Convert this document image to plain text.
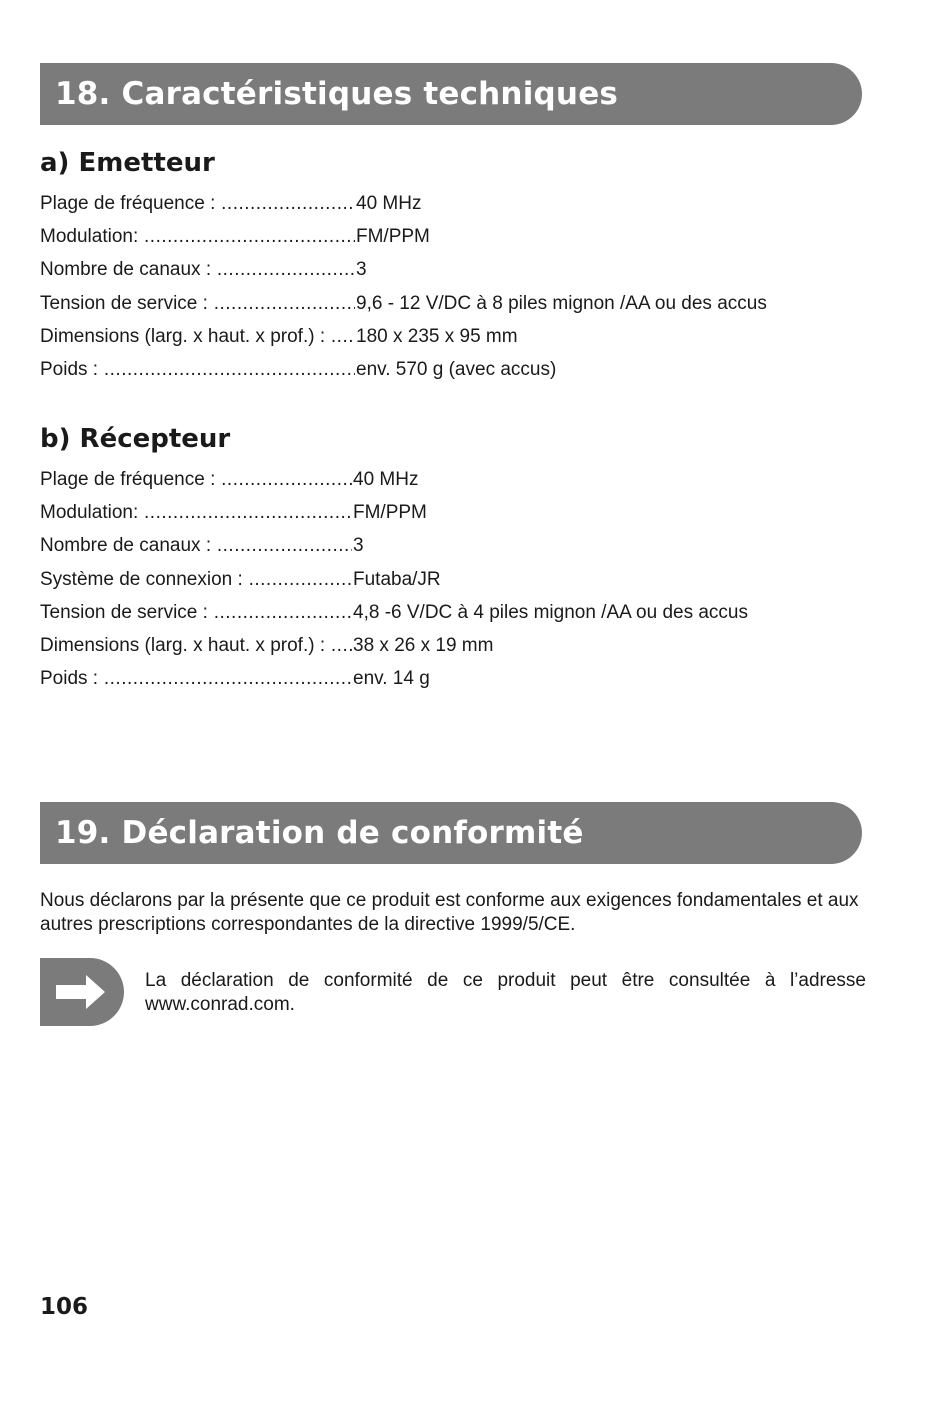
18. Caractéristiques techniques
a) Emetteur
Plage de fréquence : .....	40 MHz
Modulation: .....	FM/PPM
Nombre de canaux : .....	3
Tension de service : .....	9,6 - 12 V/DC à 8 piles mignon /AA ou des accus
Dimensions (larg. x haut. x prof.) : ..... 180 x 235 x 95 mm
Poids : .....	env. 570 g (avec accus)
b) Récepteur
Plage de fréquence : .....	40 MHz
Modulation: .....	FM/PPM
Nombre de canaux : .....	3
Système de connexion : .....	Futaba/JR
Tension de service : .....	4,8 -6 V/DC à 4 piles mignon /AA ou des accus
Dimensions (larg. x haut. x prof.) : ..... 38 x 26 x 19 mm
Poids : .....	env. 14 g
19. Déclaration de conformité

Nous déclarons par la présente que ce produit est conforme aux exigences fondamentales et aux autres prescriptions correspondantes de la directive 1999/5/CE.

La déclaration de conformité de ce produit peut être consultée à l’adresse www.conrad.com.

106
